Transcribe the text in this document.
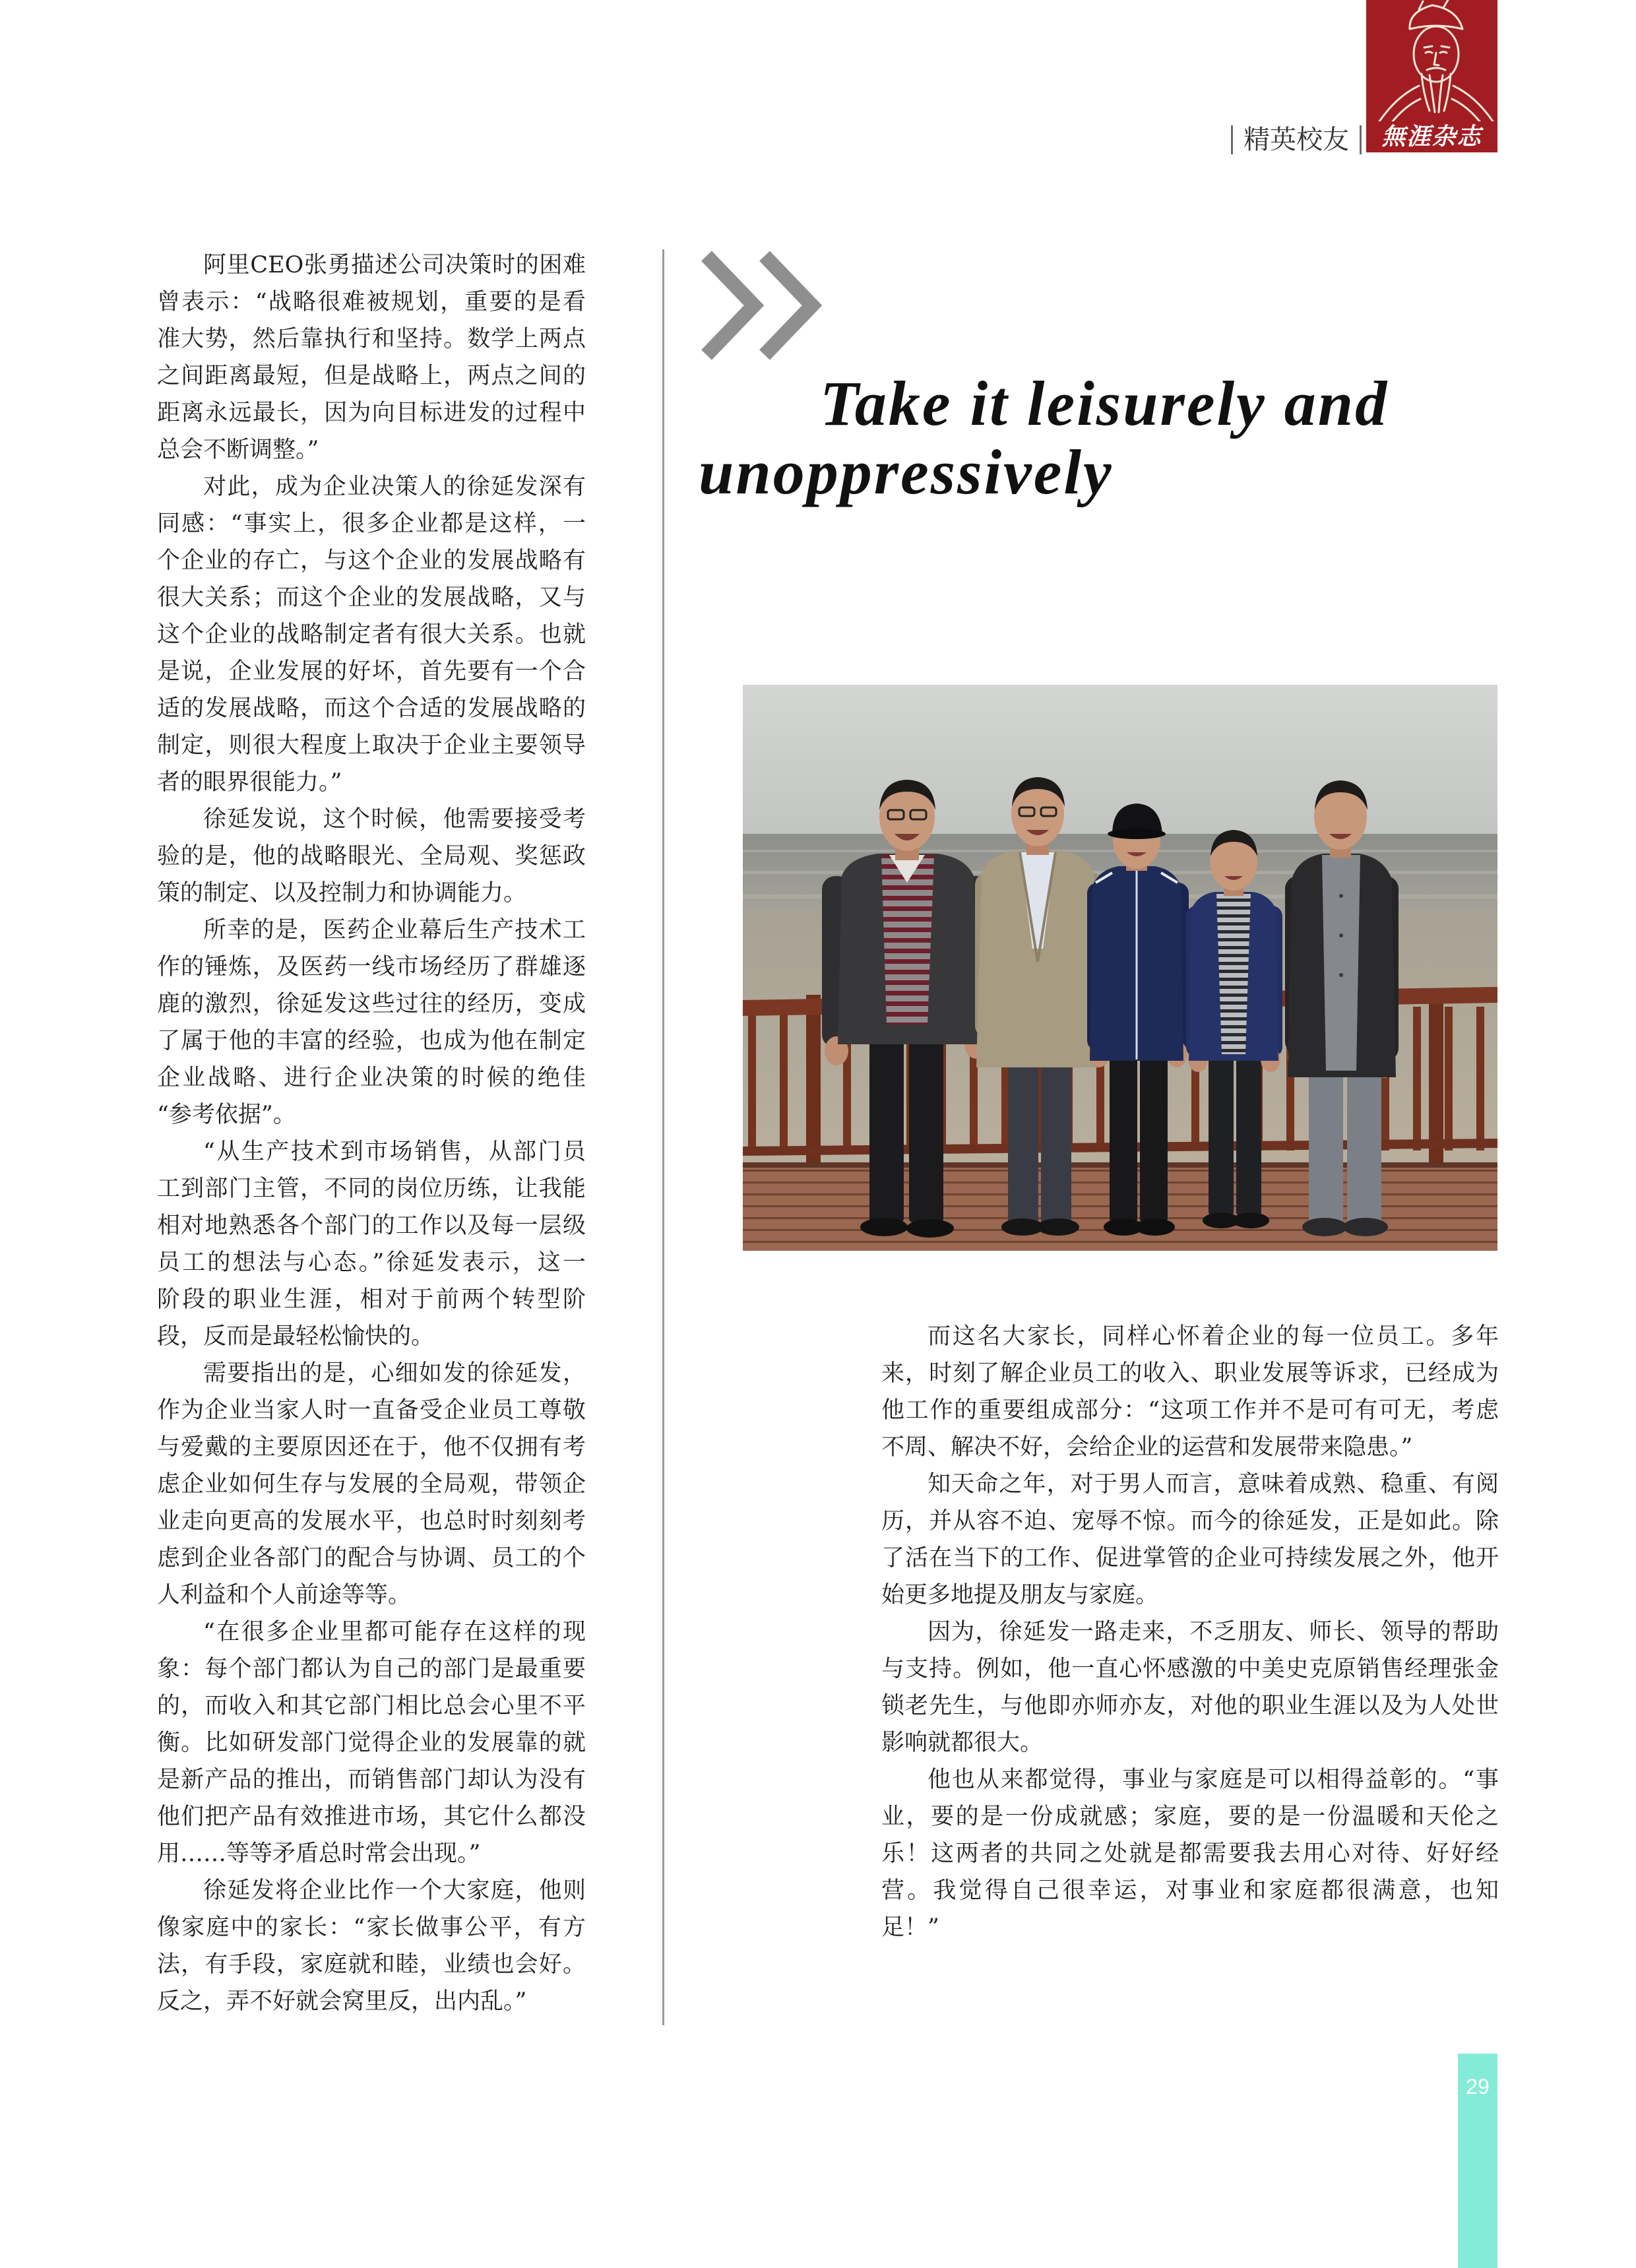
無涯杂志
精英校友
Take it leisurely and unoppressively
阿里CEO张勇描述公司决策时的困难
曾表示：“战略很难被规划，重要的是看
准大势，然后靠执行和坚持。数学上两点
之间距离最短，但是战略上，两点之间的
距离永远最长，因为向目标进发的过程中
总会不断调整。”
对此，成为企业决策人的徐延发深有
同感：“事实上，很多企业都是这样，一
个企业的存亡，与这个企业的发展战略有
很大关系；而这个企业的发展战略，又与
这个企业的战略制定者有很大关系。也就
是说，企业发展的好坏，首先要有一个合
适的发展战略，而这个合适的发展战略的
制定，则很大程度上取决于企业主要领导
者的眼界很能力。”
徐延发说，这个时候，他需要接受考
验的是，他的战略眼光、全局观、奖惩政
策的制定、以及控制力和协调能力。
所幸的是，医药企业幕后生产技术工
作的锤炼，及医药一线市场经历了群雄逐
鹿的激烈，徐延发这些过往的经历，变成
了属于他的丰富的经验，也成为他在制定
企业战略、进行企业决策的时候的绝佳
“参考依据”。
“从生产技术到市场销售，从部门员
工到部门主管，不同的岗位历练，让我能
相对地熟悉各个部门的工作以及每一层级
员工的想法与心态。”徐延发表示，这一
阶段的职业生涯，相对于前两个转型阶
段，反而是最轻松愉快的。
需要指出的是，心细如发的徐延发，
作为企业当家人时一直备受企业员工尊敬
与爱戴的主要原因还在于，他不仅拥有考
虑企业如何生存与发展的全局观，带领企
业走向更高的发展水平，也总时时刻刻考
虑到企业各部门的配合与协调、员工的个
人利益和个人前途等等。
“在很多企业里都可能存在这样的现
象：每个部门都认为自己的部门是最重要
的，而收入和其它部门相比总会心里不平
衡。比如研发部门觉得企业的发展靠的就
是新产品的推出，而销售部门却认为没有
他们把产品有效推进市场，其它什么都没
用……等等矛盾总时常会出现。”
徐延发将企业比作一个大家庭，他则
像家庭中的家长：“家长做事公平，有方
法，有手段，家庭就和睦，业绩也会好。
反之，弄不好就会窝里反，出内乱。”
而这名大家长，同样心怀着企业的每一位员工。多年
来，时刻了解企业员工的收入、职业发展等诉求，已经成为
他工作的重要组成部分：“这项工作并不是可有可无，考虑
不周、解决不好，会给企业的运营和发展带来隐患。”
知天命之年，对于男人而言，意味着成熟、稳重、有阅
历，并从容不迫、宠辱不惊。而今的徐延发，正是如此。除
了活在当下的工作、促进掌管的企业可持续发展之外，他开
始更多地提及朋友与家庭。
因为，徐延发一路走来，不乏朋友、师长、领导的帮助
与支持。例如，他一直心怀感激的中美史克原销售经理张金
锁老先生，与他即亦师亦友，对他的职业生涯以及为人处世
影响就都很大。
他也从来都觉得，事业与家庭是可以相得益彰的。“事
业，要的是一份成就感；家庭，要的是一份温暖和天伦之
乐！这两者的共同之处就是都需要我去用心对待、好好经
营。我觉得自己很幸运，对事业和家庭都很满意，也知
足！”
29
